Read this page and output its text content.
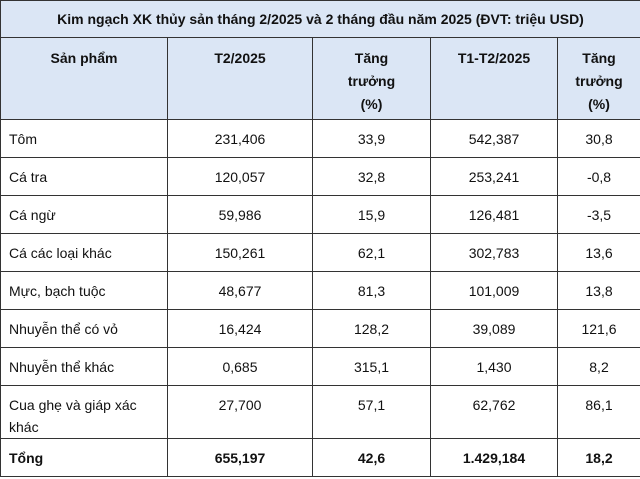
Kim ngạch XK thủy sản tháng 2/2025 và 2 tháng đầu năm 2025 (ĐVT: triệu USD)				
Sản phẩm	T2/2025	Tăng trưởng (%)	T1-T2/2025	Tăng trưởng (%)
Tôm	231,406	33,9	542,387	30,8
Cá tra	120,057	32,8	253,241	-0,8
Cá ngừ	59,986	15,9	126,481	-3,5
Cá các loại khác	150,261	62,1	302,783	13,6
Mực, bạch tuộc	48,677	81,3	101,009	13,8
Nhuyễn thể có vỏ	16,424	128,2	39,089	121,6
Nhuyễn thể khác	0,685	315,1	1,430	8,2
Cua ghẹ và giáp xác khác	27,700	57,1	62,762	86,1
Tổng	655,197	42,6	1.429,184	18,2
